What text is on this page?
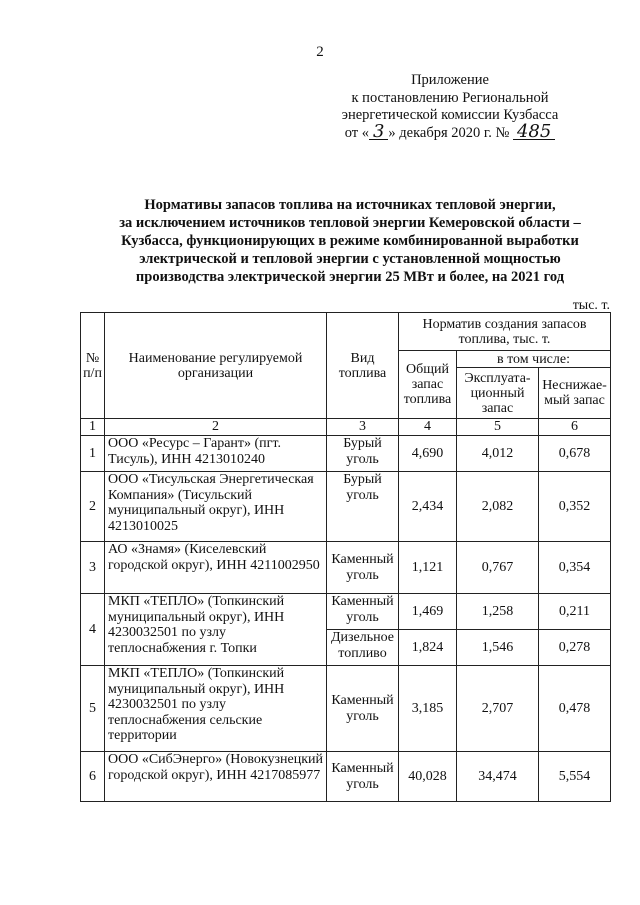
2
Приложение
к постановлению Региональной
энергетической комиссии Кузбасса
от « 3 » декабря 2020 г. № 485
Нормативы запасов топлива на источниках тепловой энергии,
за исключением источников тепловой энергии Кемеровской области –
Кузбасса, функционирующих в режиме комбинированной выработки
электрической и тепловой энергии с установленной мощностью
производства электрической энергии 25 МВт и более, на 2021 год
тыс. т.
№ п/п	Наименование регулируемой организации	Вид топлива	Норматив создания запасов топлива, тыс. т.		
			Общий запас топлива	в том числе:	
				Эксплуата-ционный запас	Неснижае-мый запас
1	2	3	4	5	6
1	ООО «Ресурс – Гарант» (пгт. Тисуль), ИНН 4213010240	Бурый уголь	4,690	4,012	0,678
2	ООО «Тисульская Энергетическая Компания» (Тисульский муниципальный округ), ИНН 4213010025	Бурый уголь	2,434	2,082	0,352
3	АО «Знамя» (Киселевский городской округ), ИНН 4211002950	Каменный уголь	1,121	0,767	0,354
4	МКП «ТЕПЛО» (Топкинский муниципальный округ), ИНН 4230032501 по узлу теплоснабжения г. Топки	Каменный уголь	1,469	1,258	0,211
		Дизельное топливо	1,824	1,546	0,278
5	МКП «ТЕПЛО» (Топкинский муниципальный округ), ИНН 4230032501 по узлу теплоснабжения сельские территории	Каменный уголь	3,185	2,707	0,478
6	ООО «СибЭнерго» (Новокузнецкий городской округ), ИНН 4217085977	Каменный уголь	40,028	34,474	5,554
